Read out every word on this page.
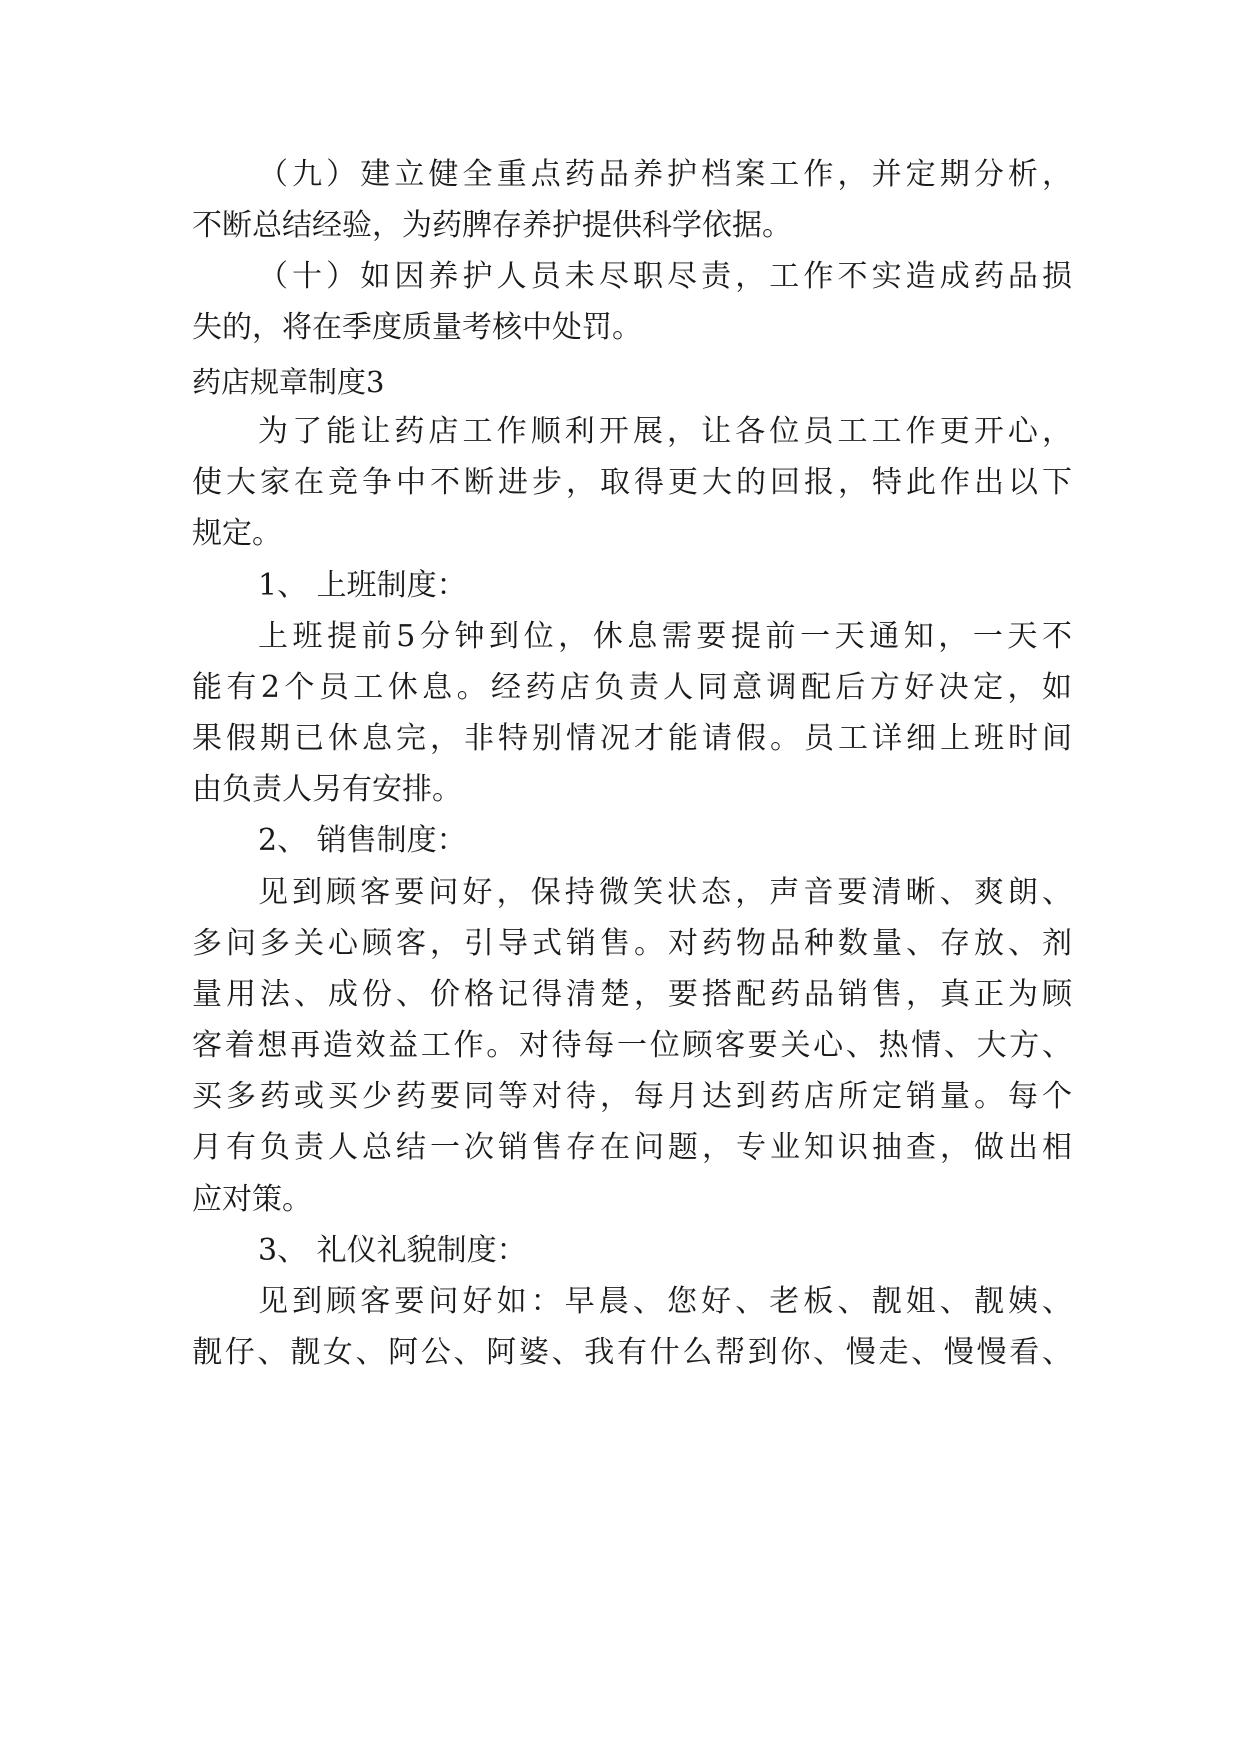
（九）建立健全重点药品养护档案工作，并定期分析，
不断总结经验，为药脾存养护提供科学依据。
（十）如因养护人员未尽职尽责，工作不实造成药品损
失的，将在季度质量考核中处罚。
药店规章制度3
为了能让药店工作顺利开展，让各位员工工作更开心，
使大家在竞争中不断进步，取得更大的回报，特此作出以下
规定。
1、 上班制度：
上班提前5分钟到位，休息需要提前一天通知，一天不
能有2个员工休息。经药店负责人同意调配后方好决定，如
果假期已休息完，非特别情况才能请假。员工详细上班时间
由负责人另有安排。
2、 销售制度：
见到顾客要问好，保持微笑状态，声音要清晰、爽朗、
多问多关心顾客，引导式销售。对药物品种数量、存放、剂
量用法、成份、价格记得清楚，要搭配药品销售，真正为顾
客着想再造效益工作。对待每一位顾客要关心、热情、大方、
买多药或买少药要同等对待，每月达到药店所定销量。每个
月有负责人总结一次销售存在问题，专业知识抽查，做出相
应对策。
3、 礼仪礼貌制度：
见到顾客要问好如：早晨、您好、老板、靓姐、靓姨、
靓仔、靓女、阿公、阿婆、我有什么帮到你、慢走、慢慢看、
